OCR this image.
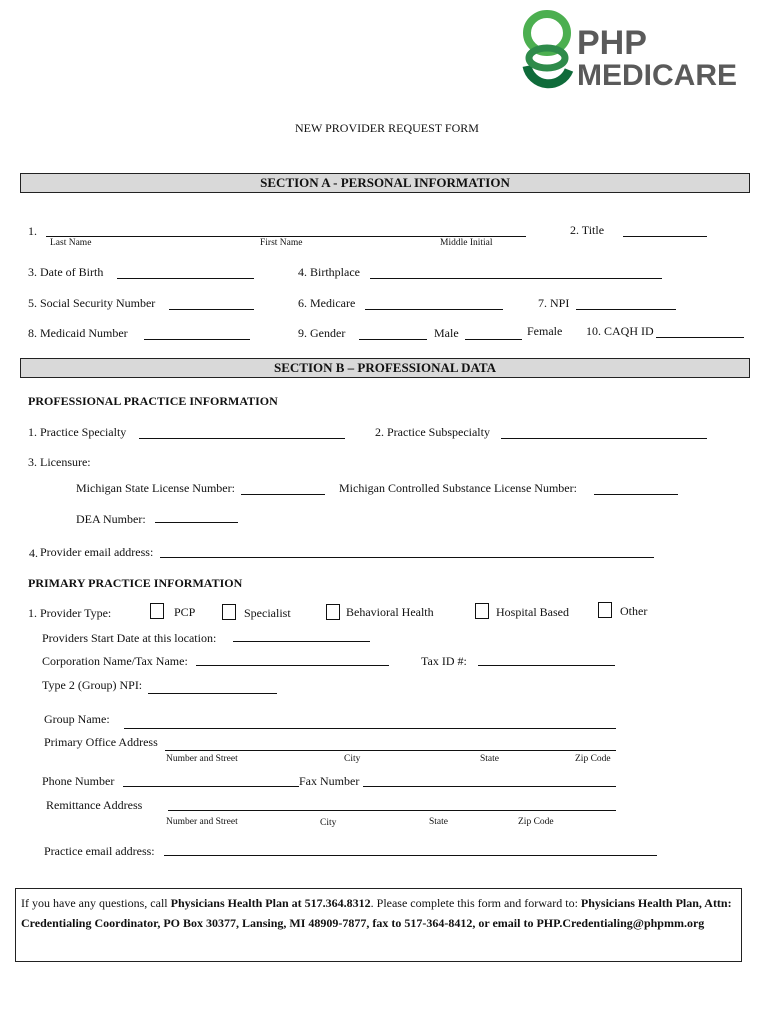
PHP
MEDICARE
NEW PROVIDER REQUEST FORM
SECTION A - PERSONAL INFORMATION
1.
Last Name	First Name	Middle Initial
2. Title
3. Date of Birth	4. Birthplace
5. Social Security Number	6. Medicare	7. NPI
8. Medicaid Number	9. Gender	Male	Female 10. CAQH ID
SECTION B – PROFESSIONAL DATA
PROFESSIONAL PRACTICE INFORMATION
1. Practice Specialty	2. Practice Subspecialty
3. Licensure:
Michigan State License Number:	Michigan Controlled Substance License Number:
DEA Number:
4. Provider email address:
PRIMARY PRACTICE INFORMATION
1. Provider Type:	PCP	Specialist	Behavioral Health	Hospital Based	Other
Providers Start Date at this location:
Corporation Name/Tax Name:	Tax ID #:
Type 2 (Group) NPI:
Group Name:
Primary Office Address
Number and Street	City	State	Zip Code
Phone Number	Fax Number
Remittance Address
Number and Street	City	State	Zip Code
Practice email address:
If you have any questions, call Physicians Health Plan at 517.364.8312. Please complete this form and forward to: Physicians Health Plan, Attn: Credentialing Coordinator, PO Box 30377, Lansing, MI 48909-7877, fax to 517-364-8412, or email to PHP.Credentialing@phpmm.org
